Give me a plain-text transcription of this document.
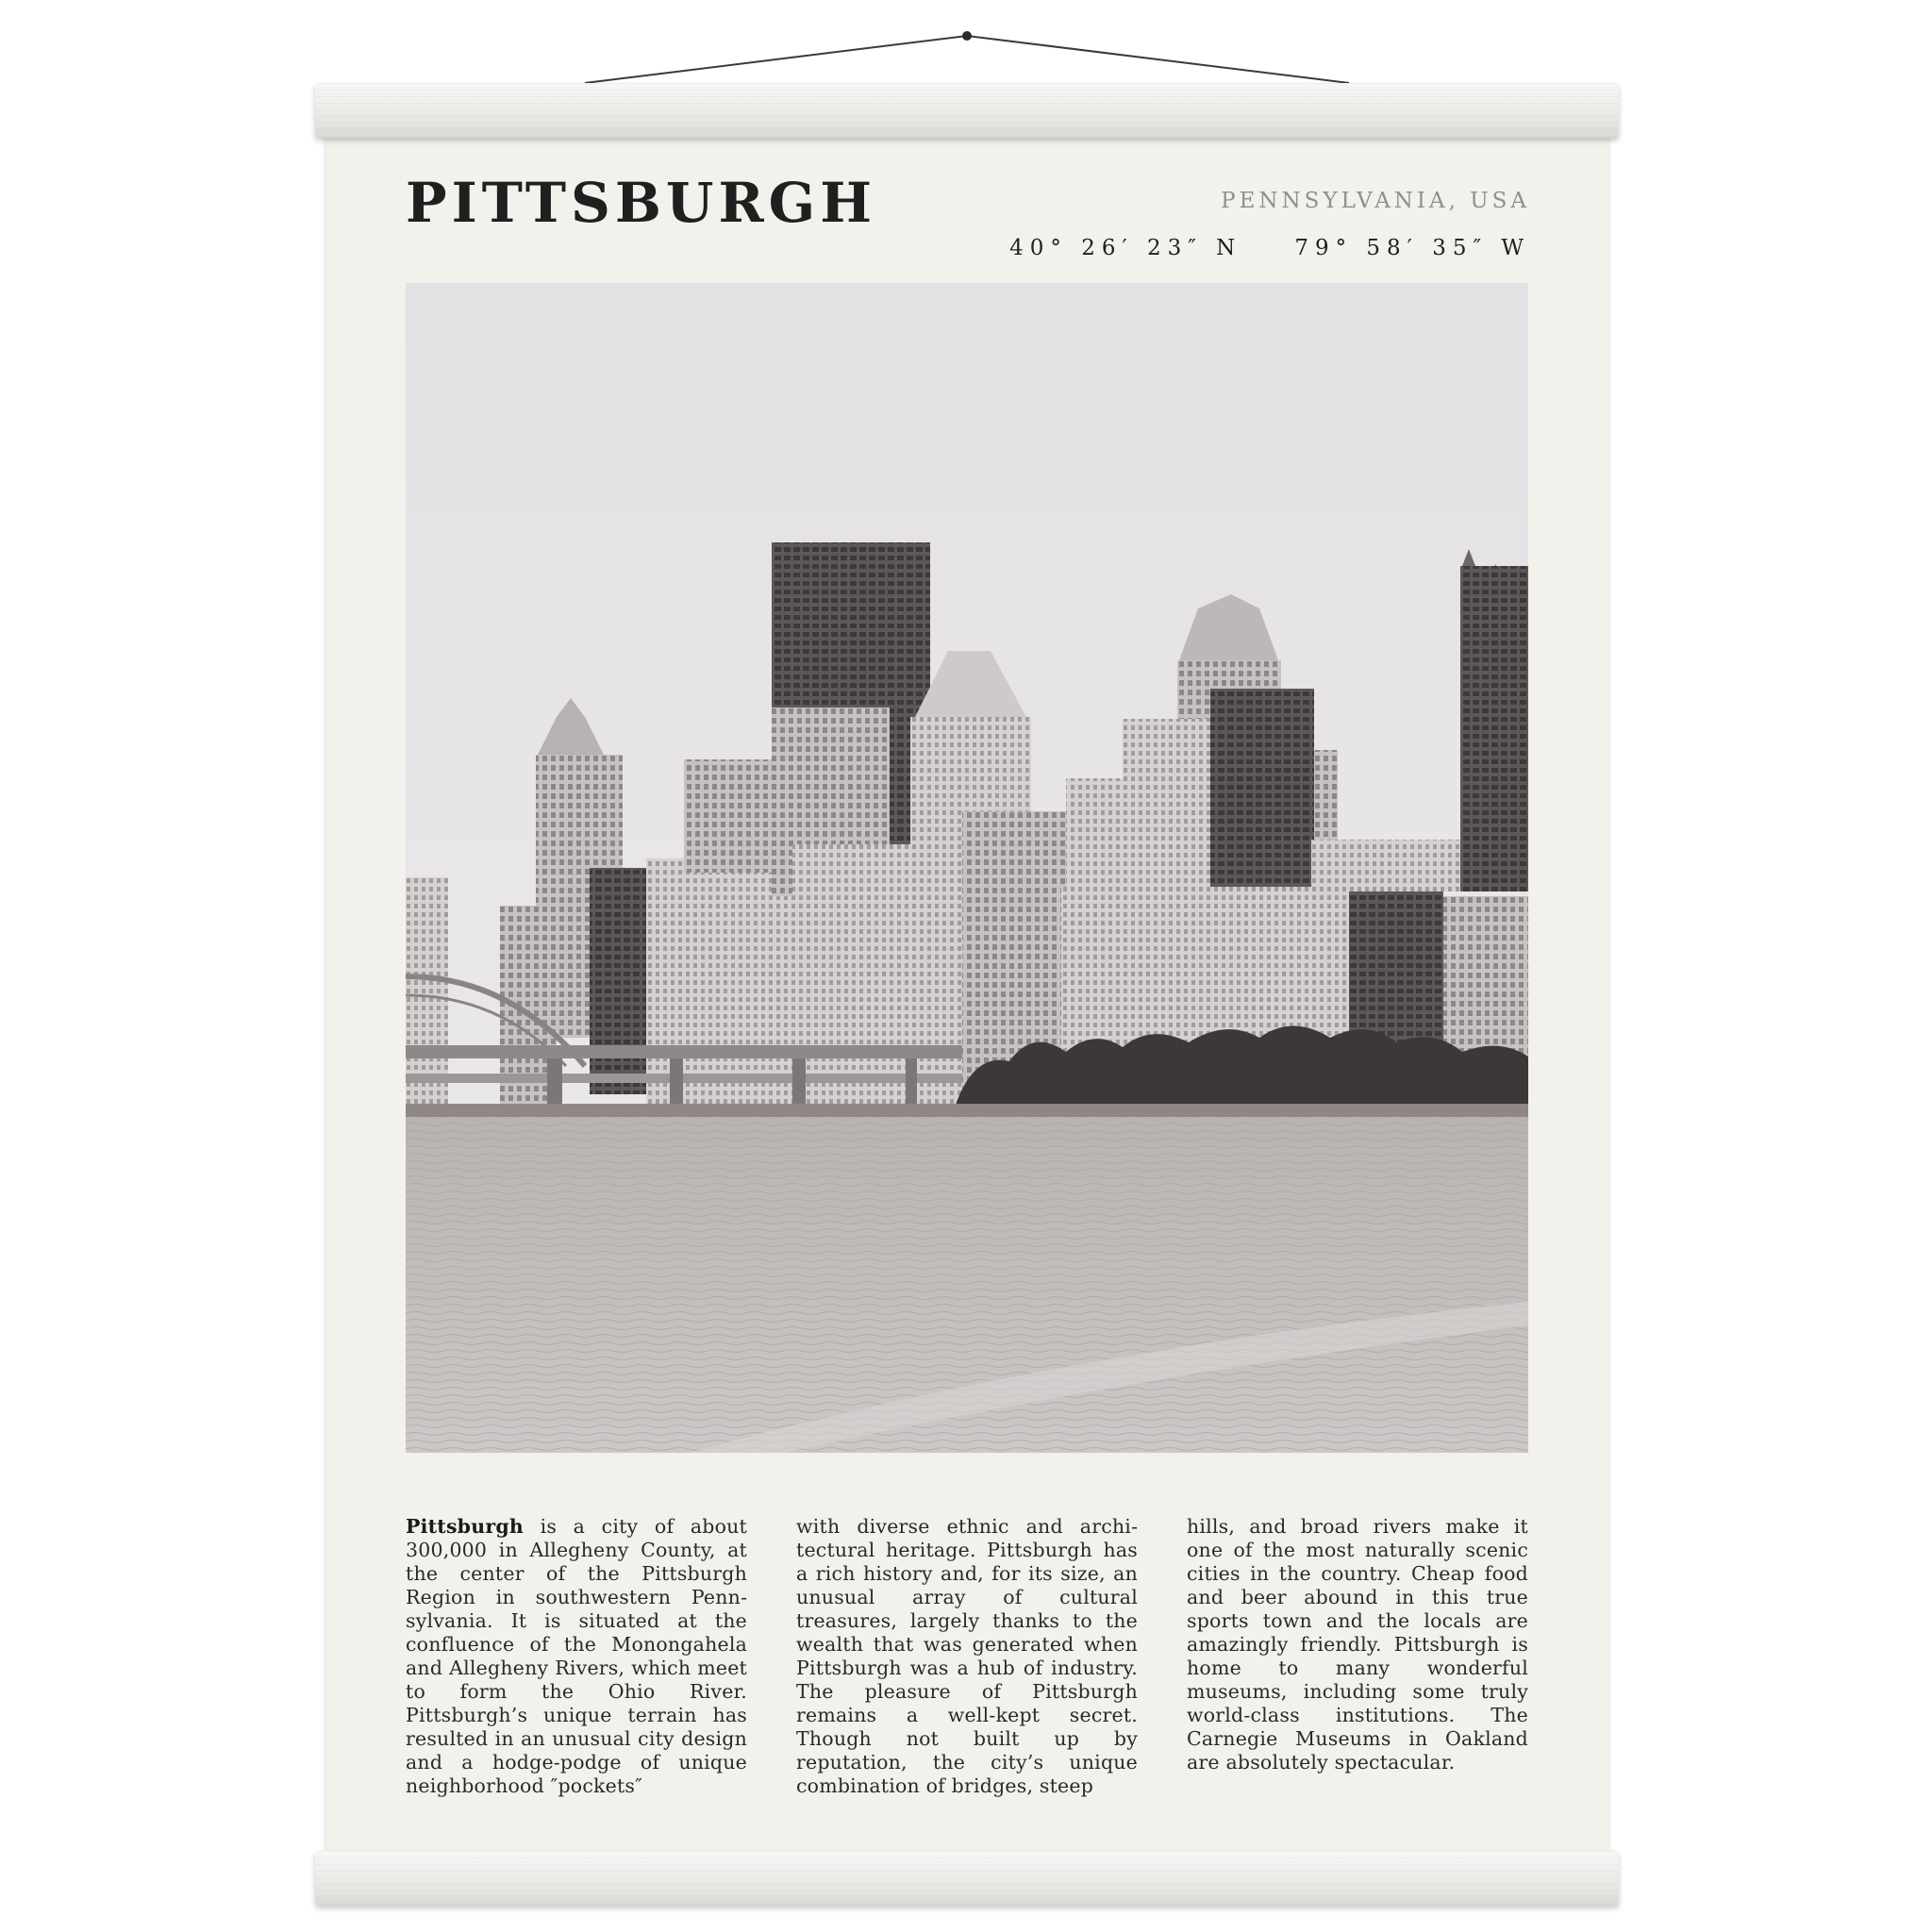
PITTSBURGH	PENNSYLVANIA, USA
40° 26′ 23″ N 79° 58′ 35″ W

Pittsburgh is a city of about 300,000 in Allegheny County, at the center of the Pittsburgh Region in southwestern Pennsylvania. It is situated at the confluence of the Monongahela and Allegheny Rivers, which meet to form the Ohio River. Pittsburgh’s unique terrain has resulted in an unusual city design and a hodge-podge of unique neighborhood ″pockets″

with diverse ethnic and architectural heritage. Pittsburgh has a rich history and, for its size, an unusual array of cultural treasures, largely thanks to the wealth that was generated when Pittsburgh was a hub of industry. The pleasure of Pittsburgh remains a well-kept secret. Though not built up by reputation, the city’s unique combination of bridges, steep

hills, and broad rivers make it one of the most naturally scenic cities in the country. Cheap food and beer abound in this true sports town and the locals are amazingly friendly. Pittsburgh is home to many wonderful museums, including some truly world-class institutions. The Carnegie Museums in Oakland are absolutely spectacular.
